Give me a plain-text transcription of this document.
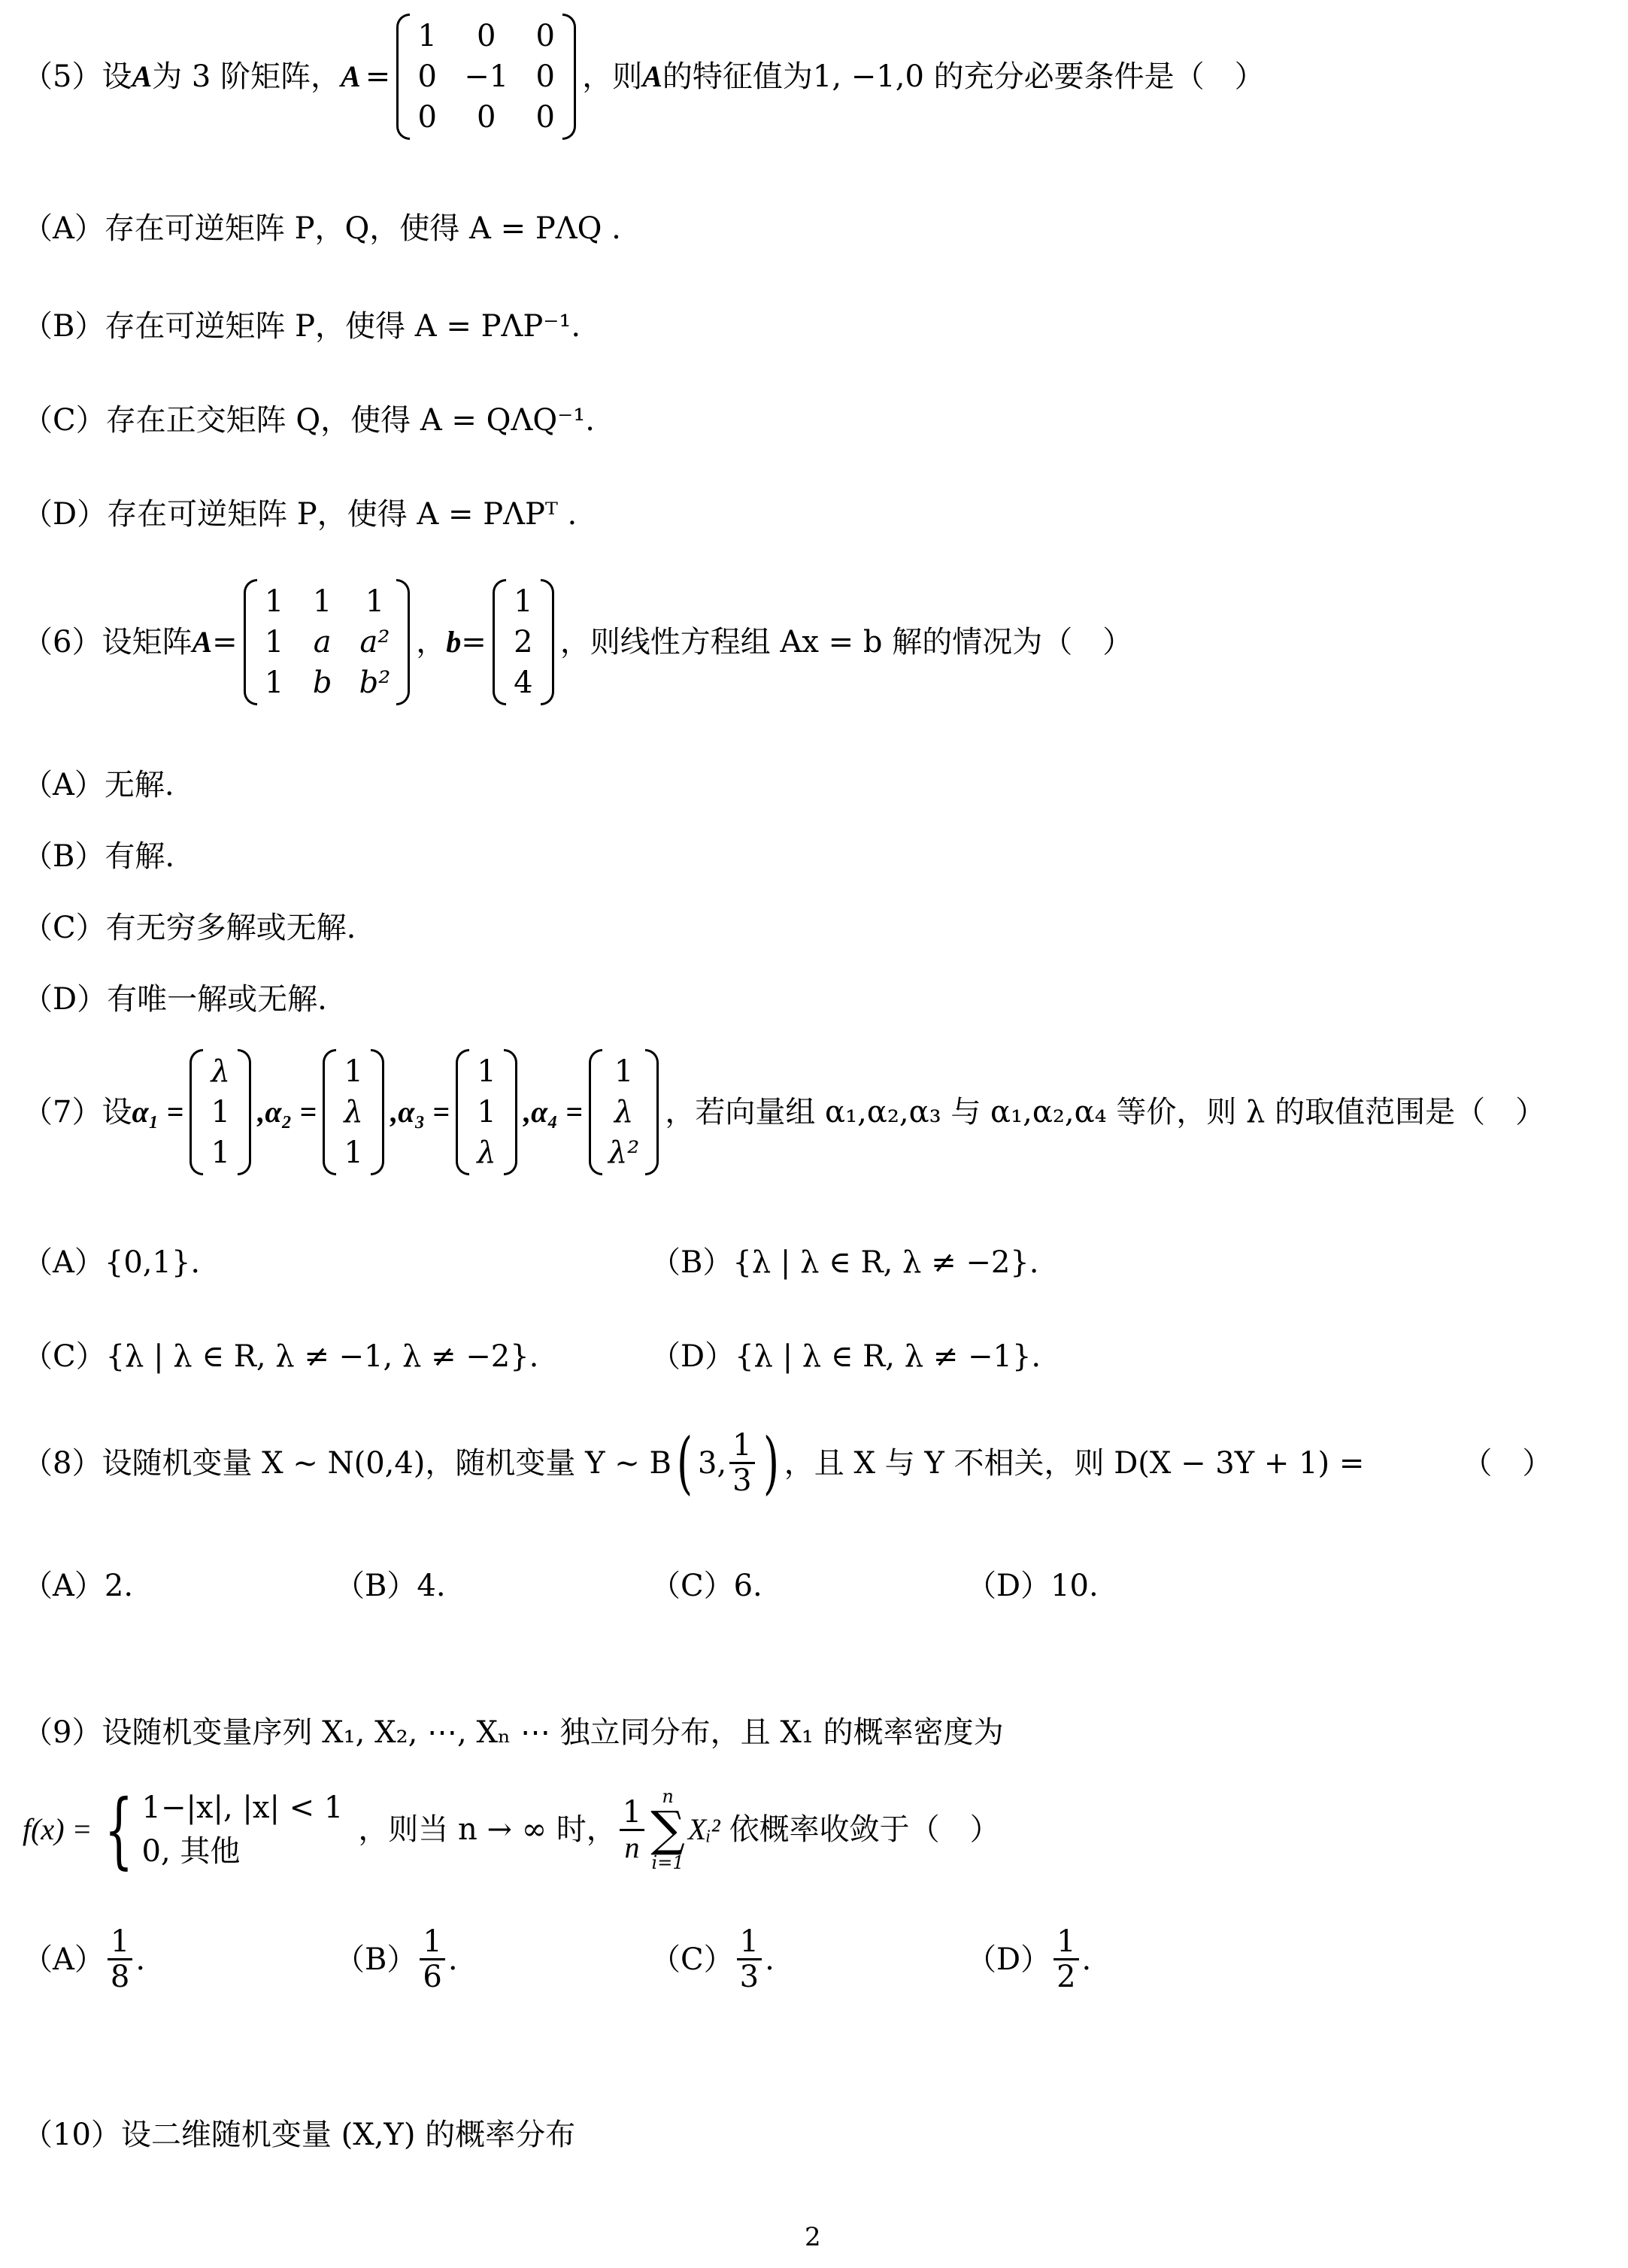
（5）设 A 为 3 阶矩阵， A =
1	0	0
0 −1 0
0	0	0
，则 A 的特征值为1, −1,0 的充分必要条件是（　）
（A）存在可逆矩阵 P，Q，使得 A = PΛQ .
（B）存在可逆矩阵 P，使得 A = PΛP⁻¹.
（C）存在正交矩阵 Q，使得 A = QΛQ⁻¹.
（D）存在可逆矩阵 P，使得 A = PΛPᵀ .
（6）设矩阵 A =
1 1 1
1 a a²
1 b b²
， b =
1
2
4
，则线性方程组 Ax = b 解的情况为（　）
（A）无解.
（B）有解.
（C）有无穷多解或无解.
（D）有唯一解或无解.
（7）设 α₁ =
λ
1
1
,α₂ =
1
λ
1
,α₃ =
1
1
λ
,α₄ =
1
λ
λ²
，若向量组 α₁,α₂,α₃ 与 α₁,α₂,α₄ 等价，则 λ 的取值范围是（　）
（A）{0,1}.	（B）{λ | λ ∈ R, λ ≠ −2}.
（C）{λ | λ ∈ R, λ ≠ −1, λ ≠ −2}.	（D）{λ | λ ∈ R, λ ≠ −1}.
（8）设随机变量 X ~ N(0,4)，随机变量 Y ~ B ( 3, $\frac{1}{3}$ ) ，且 X 与 Y 不相关，则 D(X − 3Y + 1) =	（　）
（A）2.	（B）4.	（C）6.	（D）10.
（9）设随机变量序列 X₁, X₂, ⋯, Xₙ ⋯ 独立同分布，且 X₁ 的概率密度为
f(x) = { 1−|x|, |x| < 1
0, 其他
，则当 n → ∞ 时， $\frac{1}{n}$ n
∑
i=1
Xᵢ² 依概率收敛于（　）
$(A) \frac{1}{8}$ .	$(B) \frac{1}{6}$ .	$(C) \frac{1}{3}$ .	$(D) \frac{1}{2}$ .
（10）设二维随机变量 (X,Y) 的概率分布
2
